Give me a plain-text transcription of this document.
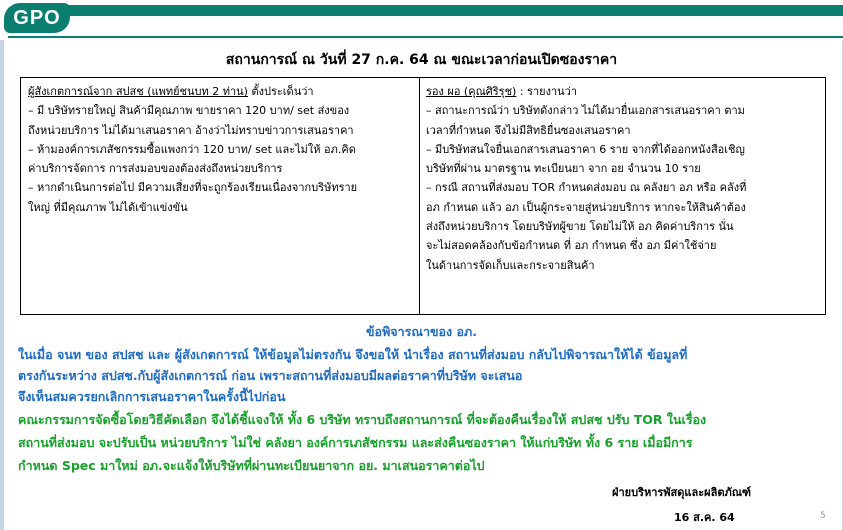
GPO
สถานการณ์ ณ วันที่ 27 ก.ค. 64 ณ ขณะเวลาก่อนเปิดซองราคา

ผู้สังเกตการณ์จาก สปสช (แพทย์ชนบท 2 ท่าน) ตั้งประเด็นว่า

– มี บริษัทรายใหญ่ สินค้ามีคุณภาพ ขายราคา 120 บาท/ set ส่งของ

ถึงหน่วยบริการ ไม่ได้มาเสนอราคา อ้างว่าไม่ทราบข่าวการเสนอราคา

– ห้ามองค์การเภสัชกรรมซื้อแพงกว่า 120 บาท/ set และไม่ให้ อภ.คิด

ค่าบริการจัดการ การส่งมอบของต้องส่งถึงหน่วยบริการ

– หากดำเนินการต่อไป มีความเสี่ยงที่จะถูกร้องเรียนเนื่องจากบริษัทราย

ใหญ่ ที่มีคุณภาพ ไม่ได้เข้าแข่งขัน

รอง ผอ (คุณศิริรุช) : รายงานว่า

– สถานะการณ์ว่า บริษัทดังกล่าว ไม่ได้มายื่นเอกสารเสนอราคา ตาม

เวลาที่กำหนด จึงไม่มีสิทธิยื่นซองเสนอราคา

– มีบริษัทสนใจยื่นเอกสารเสนอราคา 6 ราย จากที่ได้ออกหนังสือเชิญ

บริษัทที่ผ่าน มาตรฐาน ทะเบียนยา จาก อย จำนวน 10 ราย

– กรณี สถานที่ส่งมอบ TOR กำหนดส่งมอบ ณ คลังยา อภ หรือ คลังที่

อภ กำหนด แล้ว อภ เป็นผู้กระจายสู่หน่วยบริการ หากจะให้สินค้าต้อง

ส่งถึงหน่วยบริการ โดยบริษัทผู้ขาย โดยไม่ให้ อภ คิดค่าบริการ นั่น

จะไม่สอดคล้องกับข้อกำหนด ที่ อภ กำหนด ซึ่ง อภ มีค่าใช้จ่าย

ในด้านการจัดเก็บและกระจายสินค้า

ข้อพิจารณาของ อภ.

ในเมื่อ จนท ของ สปสช และ ผู้สังเกตการณ์ ให้ข้อมูลไม่ตรงกัน จึงขอให้ นำเรื่อง สถานที่ส่งมอบ กลับไปพิจารณาให้ได้ ข้อมูลที่

ตรงกันระหว่าง สปสช.กับผู้สังเกตการณ์ ก่อน เพราะสถานที่ส่งมอบมีผลต่อราคาที่บริษัท จะเสนอ

จึงเห็นสมควรยกเลิกการเสนอราคาในครั้งนี้ไปก่อน

คณะกรรมการจัดซื้อโดยวิธีคัดเลือก จึงได้ชี้แจงให้ ทั้ง 6 บริษัท ทราบถึงสถานการณ์ ที่จะต้องคืนเรื่องให้ สปสช ปรับ TOR ในเรื่อง

สถานที่ส่งมอบ จะปรับเป็น หน่วยบริการ ไม่ใช่ คลังยา องค์การเภสัชกรรม และส่งคืนซองราคา ให้แก่บริษัท ทั้ง 6 ราย เมื่อมีการ

กำหนด Spec มาใหม่ อภ.จะแจ้งให้บริษัทที่ผ่านทะเบียนยาจาก อย. มาเสนอราคาต่อไป

ฝ่ายบริหารพัสดุและผลิตภัณฑ์
16 ส.ค. 64	5
